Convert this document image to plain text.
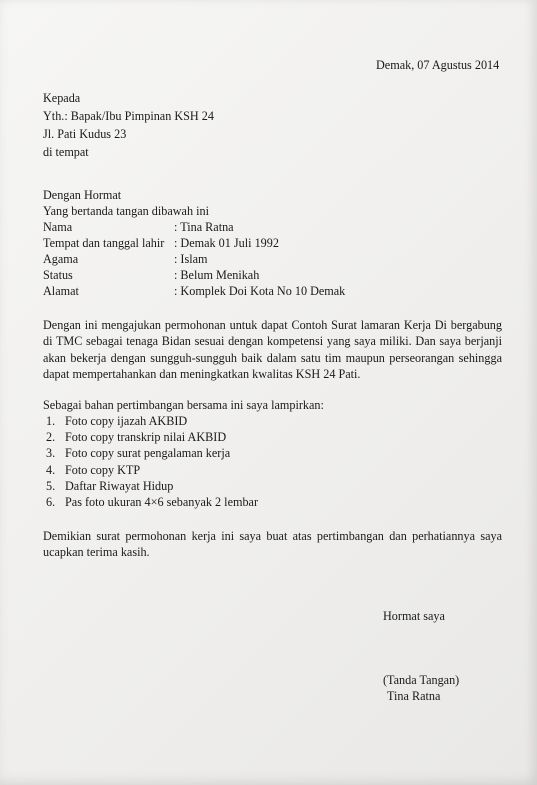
Demak, 07 Agustus 2014
Kepada
Yth.: Bapak/Ibu Pimpinan KSH 24
Jl. Pati Kudus 23
di tempat
Dengan Hormat
Yang bertanda tangan dibawah ini
Nama	: Tina Ratna
Tempat dan tanggal lahir : Demak 01 Juli 1992
Agama	: Islam
Status	: Belum Menikah
Alamat	: Komplek Doi Kota No 10 Demak
Dengan ini mengajukan permohonan untuk dapat Contoh Surat lamaran Kerja Di bergabung di TMC sebagai tenaga Bidan sesuai dengan kompetensi yang saya miliki. Dan saya berjanji akan bekerja dengan sungguh-sungguh baik dalam satu tim maupun perseorangan sehingga dapat mempertahankan dan meningkatkan kwalitas KSH 24 Pati.
Sebagai bahan pertimbangan bersama ini saya lampirkan:
1. Foto copy ijazah AKBID
2. Foto copy transkrip nilai AKBID
3. Foto copy surat pengalaman kerja
4. Foto copy KTP
5. Daftar Riwayat Hidup
6. Pas foto ukuran 4×6 sebanyak 2 lembar
Demikian surat permohonan kerja ini saya buat atas pertimbangan dan perhatiannya saya ucapkan terima kasih.
Hormat saya
(Tanda Tangan)
Tina Ratna
